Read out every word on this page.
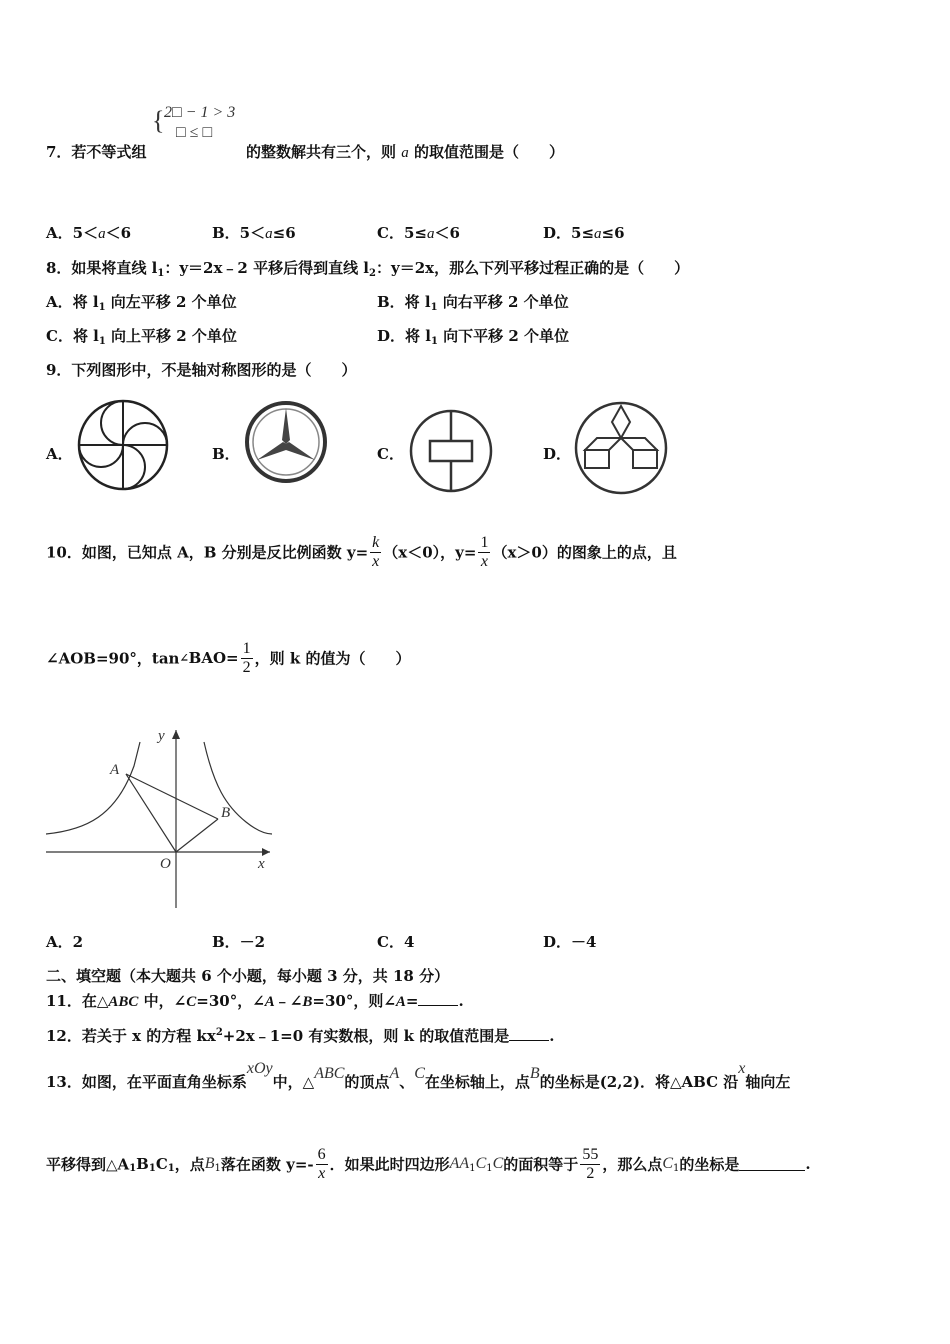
{ 2□ − 1 > 3
□ ≤ □
7．若不等式组	的整数解共有三个，则 a 的取值范围是（　　）
A．5＜a＜6	B．5＜a≤6	C．5≤a＜6	D．5≤a≤6
8．如果将直线 $l_1$：y＝2x﹣2 平移后得到直线 $l_2$：y＝2x，那么下列平移过程正确的是（　　）
A．将 $l_1$ 向左平移 2 个单位	B．将 $l_1$ 向右平移 2 个单位
C．将 $l_1$ 向上平移 2 个单位	D．将 $l_1$ 向下平移 2 个单位
9．下列图形中，不是轴对称图形的是（　　）
A．	B．	C．	D．
10．如图，已知点 A，B 分别是反比例函数 $y= \frac{k}{x} (x<0)$，$y= \frac{1}{x} (x>0)$的图象上的点，且
∠AOB=90°，tan∠BAO= $\frac{1}{2}$ ，则 k 的值为（　　）
y
x
A
B
O
A．2	B．－2	C．4	D．－4
二、填空题（本大题共 6 个小题，每小题 3 分，共 18 分）
11．在△ABC 中，∠C=30°，∠A﹣∠B=30°，则∠A=	.
12．若关于 x 的方程 $kx^2+2x﹣1=0$ 有实数根，则 k 的取值范围是	.
13．如图，在平面直角坐标系xOy中，△ABC的顶点A、C在坐标轴上，点B的坐标是(2,2)．将△ABC 沿x轴向左
平移得到$\triangle A_1B_1C_1$，点$B_1$落在函数 $y=- \frac{6}{x}$ ．如果此时四边形$AA_1C_1C$的面积等于 $\frac{55}{2}$ ，那么点$C_1$的坐标是	.
